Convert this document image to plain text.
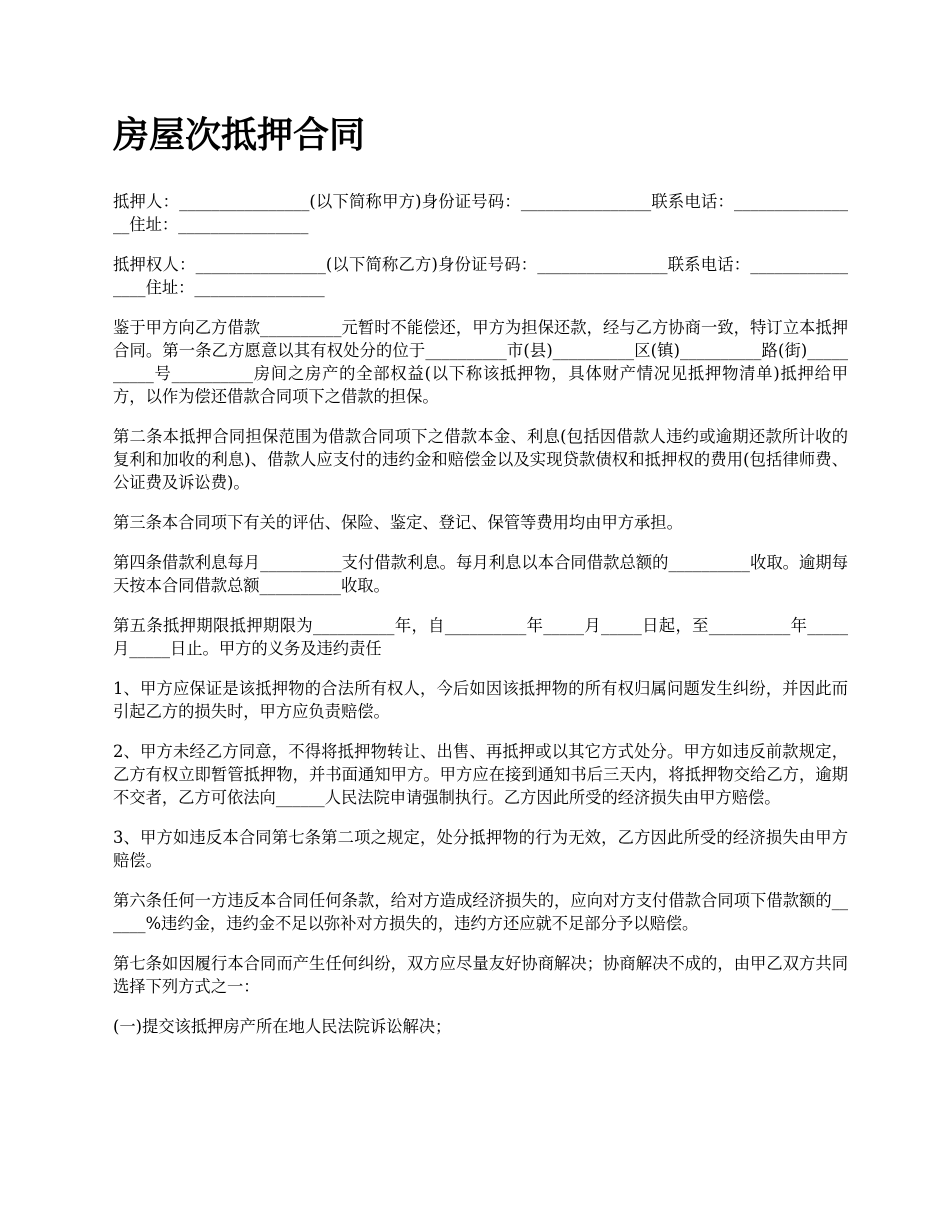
房屋次抵押合同

抵押人：________________(以下简称甲方)身份证号码：________________联系电话：________________住址：________________

抵押权人：________________(以下简称乙方)身份证号码：________________联系电话：________________住址：________________

鉴于甲方向乙方借款__________元暂时不能偿还，甲方为担保还款，经与乙方协商一致，特订立本抵押合同。第一条乙方愿意以其有权处分的位于__________市(县)__________区(镇)__________路(街)__________号__________房间之房产的全部权益(以下称该抵押物，具体财产情况见抵押物清单)抵押给甲方，以作为偿还借款合同项下之借款的担保。

第二条本抵押合同担保范围为借款合同项下之借款本金、利息(包括因借款人违约或逾期还款所计收的复利和加收的利息)、借款人应支付的违约金和赔偿金以及实现贷款债权和抵押权的费用(包括律师费、公证费及诉讼费)。

第三条本合同项下有关的评估、保险、鉴定、登记、保管等费用均由甲方承担。

第四条借款利息每月__________支付借款利息。每月利息以本合同借款总额的__________收取。逾期每天按本合同借款总额__________收取。

第五条抵押期限抵押期限为__________年，自__________年_____月_____日起，至__________年_____月_____日止。甲方的义务及违约责任

1、甲方应保证是该抵押物的合法所有权人，今后如因该抵押物的所有权归属问题发生纠纷，并因此而引起乙方的损失时，甲方应负责赔偿。

2、甲方未经乙方同意，不得将抵押物转让、出售、再抵押或以其它方式处分。甲方如违反前款规定，乙方有权立即暂管抵押物，并书面通知甲方。甲方应在接到通知书后三天内，将抵押物交给乙方，逾期不交者，乙方可依法向______人民法院申请强制执行。乙方因此所受的经济损失由甲方赔偿。

3、甲方如违反本合同第七条第二项之规定，处分抵押物的行为无效，乙方因此所受的经济损失由甲方赔偿。

第六条任何一方违反本合同任何条款，给对方造成经济损失的，应向对方支付借款合同项下借款额的______%违约金，违约金不足以弥补对方损失的，违约方还应就不足部分予以赔偿。

第七条如因履行本合同而产生任何纠纷，双方应尽量友好协商解决；协商解决不成的，由甲乙双方共同选择下列方式之一：

(一)提交该抵押房产所在地人民法院诉讼解决；
